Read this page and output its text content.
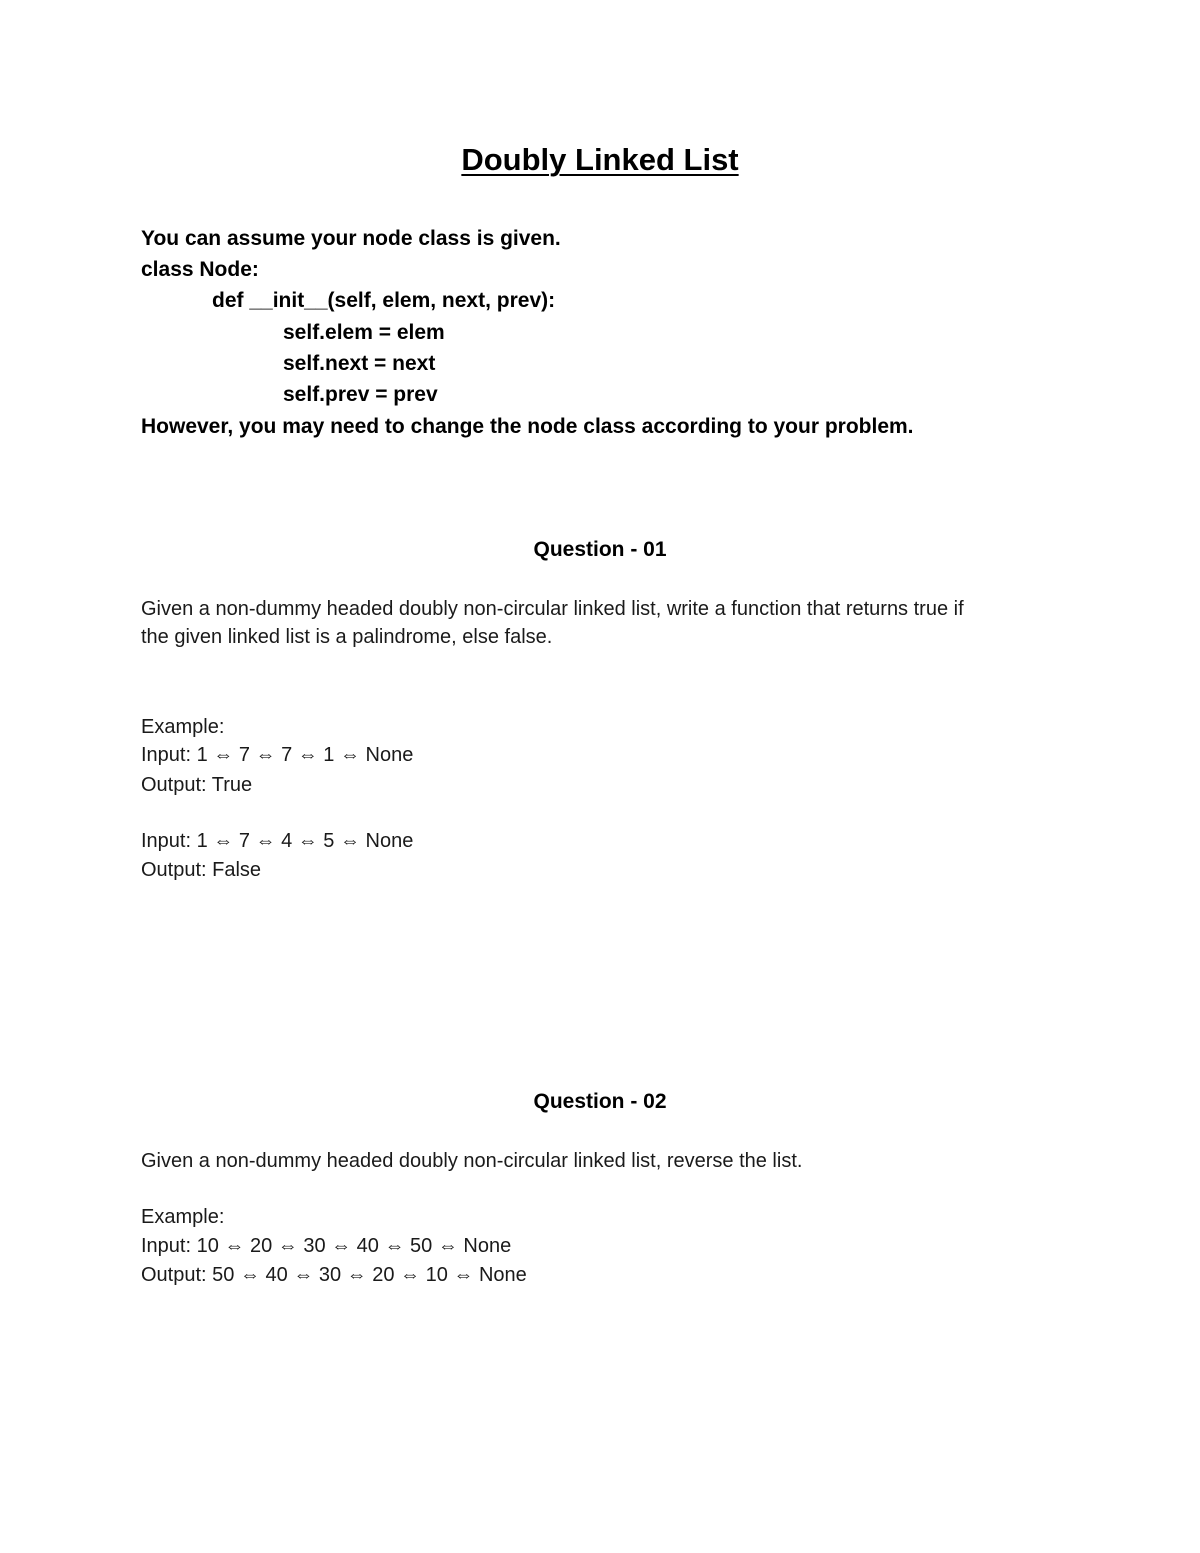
Doubly Linked List
You can assume your node class is given.
class Node:
def __init__(self, elem, next, prev):
self.elem = elem
self.next = next
self.prev = prev
However, you may need to change the node class according to your problem.
Question - 01
Given a non-dummy headed doubly non-circular linked list, write a function that returns true if
the given linked list is a palindrome, else false.
Example:
Input: 1 ⇔ 7 ⇔ 7 ⇔ 1 ⇔ None
Output: True
Input: 1 ⇔ 7 ⇔ 4 ⇔ 5 ⇔ None
Output: False
Question - 02
Given a non-dummy headed doubly non-circular linked list, reverse the list.
Example:
Input: 10 ⇔ 20 ⇔ 30 ⇔ 40 ⇔ 50 ⇔ None
Output: 50 ⇔ 40 ⇔ 30 ⇔ 20 ⇔ 10 ⇔ None
